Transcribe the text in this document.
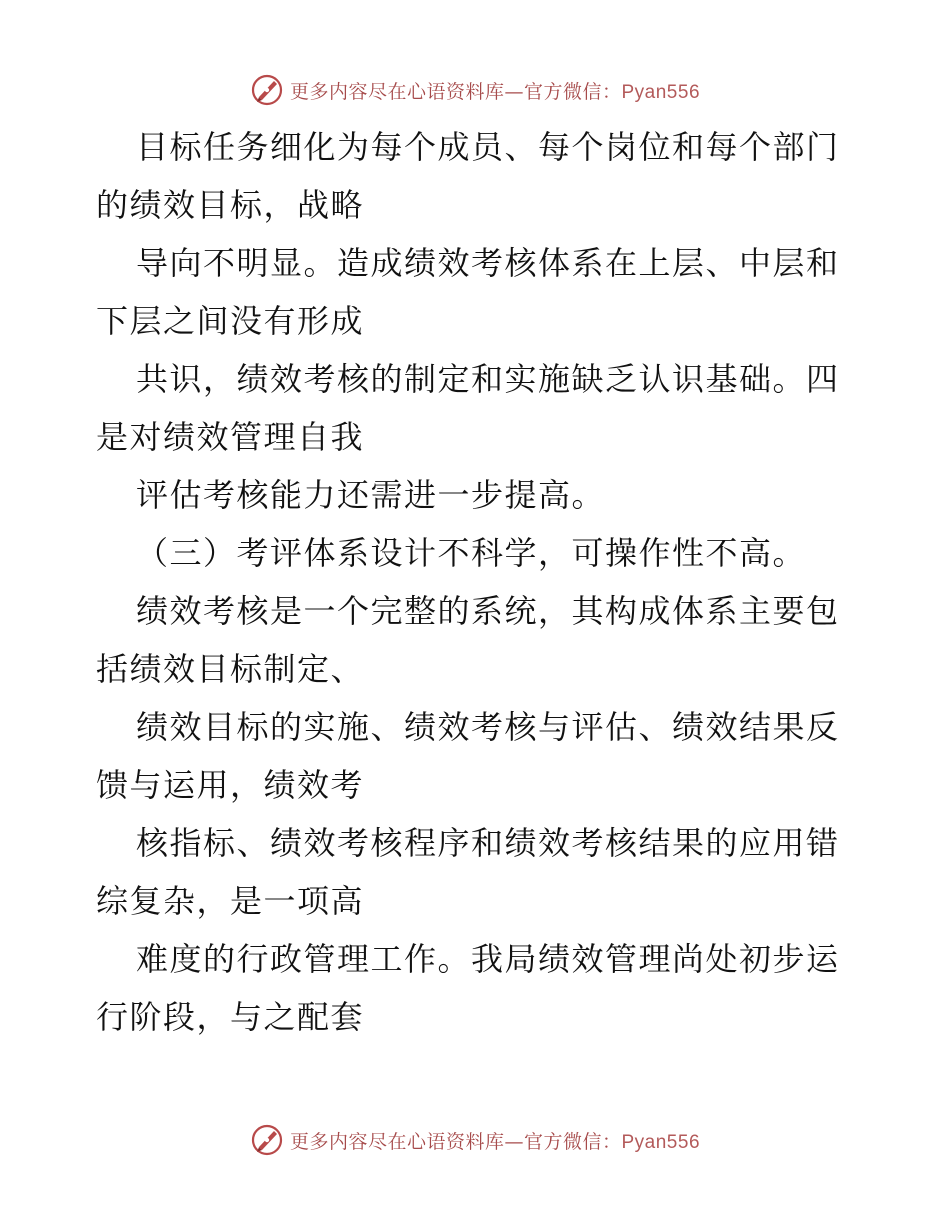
更多内容尽在心语资料库—官方微信：Pyan556
目标任务细化为每个成员、每个岗位和每个部门
的绩效目标，战略
导向不明显。造成绩效考核体系在上层、中层和
下层之间没有形成
共识，绩效考核的制定和实施缺乏认识基础。四
是对绩效管理自我
评估考核能力还需进一步提高。
（三）考评体系设计不科学，可操作性不高。
绩效考核是一个完整的系统，其构成体系主要包
括绩效目标制定、
绩效目标的实施、绩效考核与评估、绩效结果反
馈与运用，绩效考
核指标、绩效考核程序和绩效考核结果的应用错
综复杂，是一项高
难度的行政管理工作。我局绩效管理尚处初步运
行阶段，与之配套
更多内容尽在心语资料库—官方微信：Pyan556
